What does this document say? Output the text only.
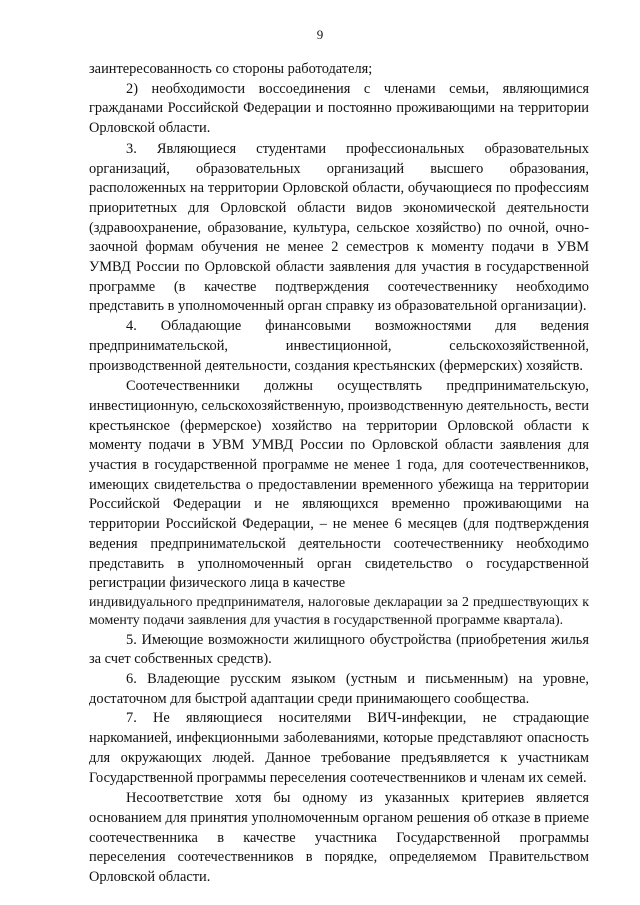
9

заинтересованность со стороны работодателя;

2) необходимости воссоединения с членами семьи, являющимися гражданами Российской Федерации и постоянно проживающими на территории Орловской области.

3. Являющиеся студентами профессиональных образовательных организаций, образовательных организаций высшего образования, расположенных на территории Орловской области, обучающиеся по профессиям приоритетных для Орловской области видов экономической деятельности (здравоохранение, образование, культура, сельское хозяйство) по очной, очно-заочной формам обучения не менее 2 семестров к моменту подачи в УВМ УМВД России по Орловской области заявления для участия в государственной программе (в качестве подтверждения соотечественнику необходимо представить в уполномоченный орган справку из образовательной организации).

4. Обладающие финансовыми возможностями для ведения предпринимательской, инвестиционной, сельскохозяйственной, производственной деятельности, создания крестьянских (фермерских) хозяйств.

Соотечественники должны осуществлять предпринимательскую, инвестиционную, сельскохозяйственную, производственную деятельность, вести крестьянское (фермерское) хозяйство на территории Орловской области к моменту подачи в УВМ УМВД России по Орловской области заявления для участия в государственной программе не менее 1 года, для соотечественников, имеющих свидетельства о предоставлении временного убежища на территории Российской Федерации и не являющихся временно проживающими на территории Российской Федерации, – не менее 6 месяцев (для подтверждения ведения предпринимательской деятельности соотечественнику необходимо представить в уполномоченный орган свидетельство о государственной регистрации физического лица в качестве

индивидуального предпринимателя, налоговые декларации за 2 предшествующих к моменту подачи заявления для участия в государственной программе квартала).

5. Имеющие возможности жилищного обустройства (приобретения жилья за счет собственных средств).

6. Владеющие русским языком (устным и письменным) на уровне, достаточном для быстрой адаптации среди принимающего сообщества.

7. Не являющиеся носителями ВИЧ-инфекции, не страдающие наркоманией, инфекционными заболеваниями, которые представляют опасность для окружающих людей. Данное требование предъявляется к участникам Государственной программы переселения соотечественников и членам их семей.

Несоответствие хотя бы одному из указанных критериев является основанием для принятия уполномоченным органом решения об отказе в приеме соотечественника в качестве участника Государственной программы переселения соотечественников в порядке, определяемом Правительством Орловской области.
